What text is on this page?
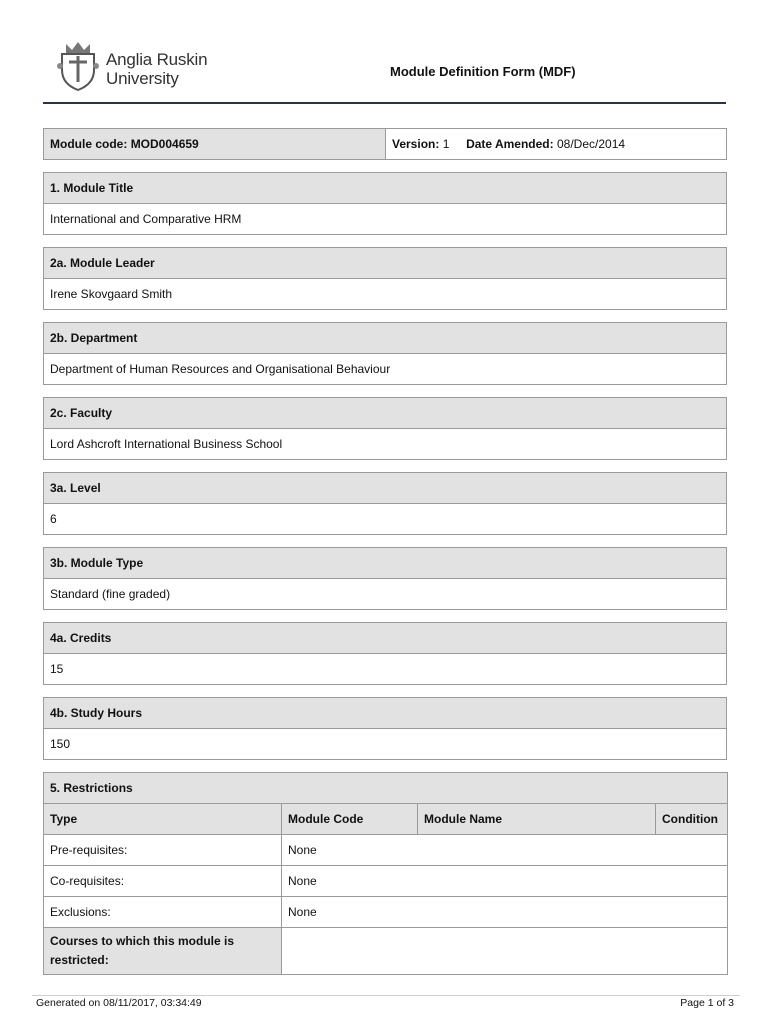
Anglia Ruskin
University	Module Definition Form (MDF)
Module code: MOD004659	Version: 1 Date Amended: 08/Dec/2014
1. Module Title
International and Comparative HRM
2a. Module Leader
Irene Skovgaard Smith
2b. Department
Department of Human Resources and Organisational Behaviour
2c. Faculty
Lord Ashcroft International Business School
3a. Level
6
3b. Module Type
Standard (fine graded)
4a. Credits
15
4b. Study Hours
150
5. Restrictions			
Type	Module Code	Module Name	Condition
Pre-requisites:	None		
Co-requisites:	None		
Exclusions:	None		
Courses to which this module is restricted:			
Generated on 08/11/2017, 03:34:49	Page 1 of 3
